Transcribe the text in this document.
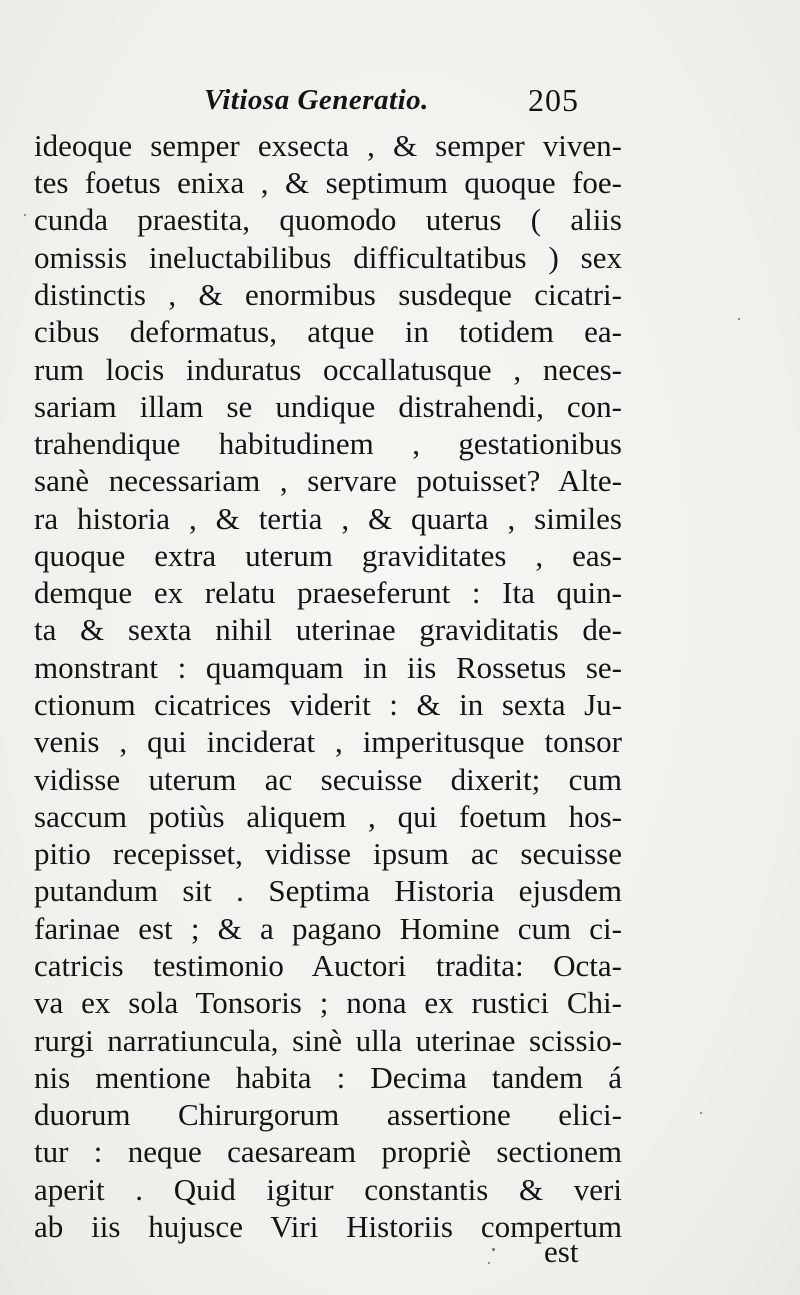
Vitiosa Generatio.	205
ideoque semper exsecta , & semper viven-
tes foetus enixa , & septimum quoque foe-
cunda praestita, quomodo uterus ( aliis
omissis ineluctabilibus difficultatibus ) sex
distinctis , & enormibus susdeque cicatri-
cibus deformatus, atque in totidem ea-
rum locis induratus occallatusque , neces-
sariam illam se undique distrahendi, con-
trahendique habitudinem , gestationibus
sanè necessariam , servare potuisset? Alte-
ra historia , & tertia , & quarta , similes
quoque extra uterum graviditates , eas-
demque ex relatu praeseferunt : Ita quin-
ta & sexta nihil uterinae graviditatis de-
monstrant : quamquam in iis Rossetus se-
ctionum cicatrices viderit : & in sexta Ju-
venis , qui inciderat , imperitusque tonsor
vidisse uterum ac secuisse dixerit; cum
saccum potiùs aliquem , qui foetum hos-
pitio recepisset, vidisse ipsum ac secuisse
putandum sit . Septima Historia ejusdem
farinae est ; & a pagano Homine cum ci-
catricis testimonio Auctori tradita: Octa-
va ex sola Tonsoris ; nona ex rustici Chi-
rurgi narratiuncula, sinè ulla uterinae scissio-
nis mentione habita : Decima tandem á
duorum Chirurgorum assertione elici-
tur : neque caesaream propriè sectionem
aperit . Quid igitur constantis & veri
ab iis hujusce Viri Historiis compertum
est
